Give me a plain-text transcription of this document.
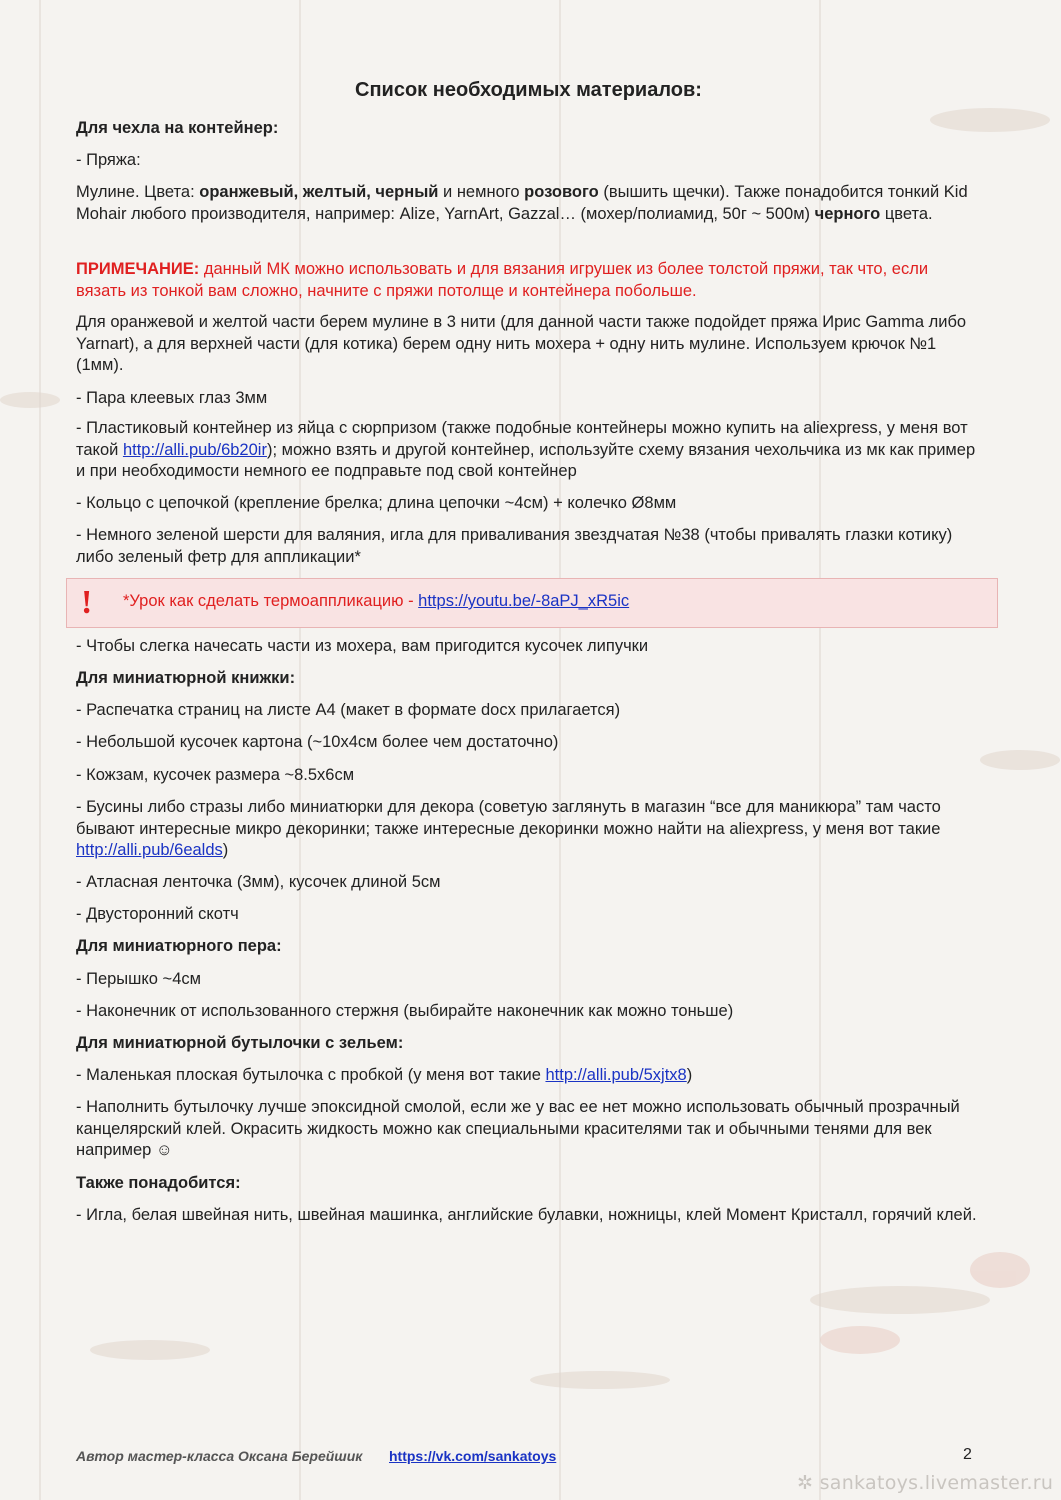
Список необходимых материалов:
Для чехла на контейнер:
- Пряжа:

Мулине. Цвета: оранжевый, желтый, черный и немного розового (вышить щечки). Также понадобится тонкий Kid Mohair любого производителя, например: Alize, YarnArt, Gazzal… (мохер/полиамид, 50г ~ 500м) черного цвета.

ПРИМЕЧАНИЕ: данный МК можно использовать и для вязания игрушек из более толстой пряжи, так что, если вязать из тонкой вам сложно, начните с пряжи потолще и контейнера побольше.

Для оранжевой и желтой части берем мулине в 3 нити (для данной части также подойдет пряжа Ирис Gamma либо Yarnart), а для верхней части (для котика) берем одну нить мохера + одну нить мулине. Используем крючок №1 (1мм).

- Пара клеевых глаз 3мм

- Пластиковый контейнер из яйца с сюрпризом (также подобные контейнеры можно купить на aliexpress, у меня вот такой http://alli.pub/6b20ir); можно взять и другой контейнер, используйте схему вязания чехольчика из мк как пример и при необходимости немного ее подправьте под свой контейнер

- Кольцо с цепочкой (крепление брелка; длина цепочки ~4см) + колечко Ø8мм

- Немного зеленой шерсти для валяния, игла для приваливания звездчатая №38 (чтобы привалять глазки котику) либо зеленый фетр для аппликации*

- Чтобы слегка начесать части из мохера, вам пригодится кусочек липучки
Для миниатюрной книжки:
- Распечатка страниц на листе А4 (макет в формате docx прилагается)
- Небольшой кусочек картона (~10х4см более чем достаточно)
- Кожзам, кусочек размера ~8.5х6см

- Бусины либо стразы либо миниатюрки для декора (советую заглянуть в магазин “все для маникюра” там часто бывают интересные микро декоринки; также интересные декоринки можно найти на aliexpress, у меня вот такие http://alli.pub/6ealds)

- Атласная ленточка (3мм), кусочек длиной 5см
- Двусторонний скотч
Для миниатюрного пера:
- Перышко ~4см
- Наконечник от использованного стержня (выбирайте наконечник как можно тоньше)
Для миниатюрной бутылочки с зельем:

- Маленькая плоская бутылочка с пробкой (у меня вот такие http://alli.pub/5xjtx8)

- Наполнить бутылочку лучше эпоксидной смолой, если же у вас ее нет можно использовать обычный прозрачный канцелярский клей. Окрасить жидкость можно как специальными красителями так и обычными тенями для век например ☺

Также понадобится:

- Игла, белая швейная нить, швейная машинка, английские булавки, ножницы, клей Момент Кристалл, горячий клей.

! *Урок как сделать термоаппликацию - https://youtu.be/-8aPJ_xR5ic
Автор мастер-класса Оксана Берейшик https://vk.com/sankatoys	2
✲ sankatoys.livemaster.ru
